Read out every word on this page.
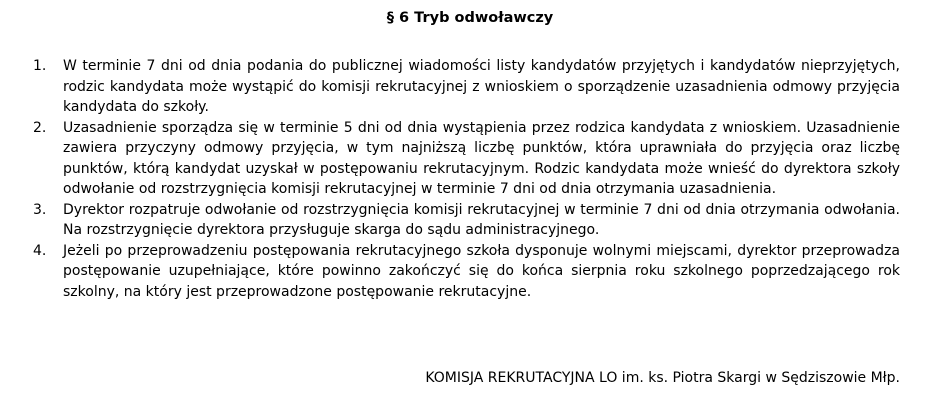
§ 6 Tryb odwoławczy
1. W terminie 7 dni od dnia podania do publicznej wiadomości listy kandydatów przyjętych i kandydatów nieprzyjętych, rodzic kandydata może wystąpić do komisji rekrutacyjnej z wnioskiem o sporządzenie uzasadnienia odmowy przyjęcia kandydata do szkoły.
2. Uzasadnienie sporządza się w terminie 5 dni od dnia wystąpienia przez rodzica kandydata z wnioskiem. Uzasadnienie zawiera przyczyny odmowy przyjęcia, w tym najniższą liczbę punktów, która uprawniała do przyjęcia oraz liczbę punktów, którą kandydat uzyskał w postępowaniu rekrutacyjnym. Rodzic kandydata może wnieść do dyrektora szkoły odwołanie od rozstrzygnięcia komisji rekrutacyjnej w terminie 7 dni od dnia otrzymania uzasadnienia.
3. Dyrektor rozpatruje odwołanie od rozstrzygnięcia komisji rekrutacyjnej w terminie 7 dni od dnia otrzymania odwołania. Na rozstrzygnięcie dyrektora przysługuje skarga do sądu administracyjnego.
4. Jeżeli po przeprowadzeniu postępowania rekrutacyjnego szkoła dysponuje wolnymi miejscami, dyrektor przeprowadza postępowanie uzupełniające, które powinno zakończyć się do końca sierpnia roku szkolnego poprzedzającego rok szkolny, na który jest przeprowadzone postępowanie rekrutacyjne.

KOMISJA REKRUTACYJNA LO im. ks. Piotra Skargi w Sędziszowie Młp.
